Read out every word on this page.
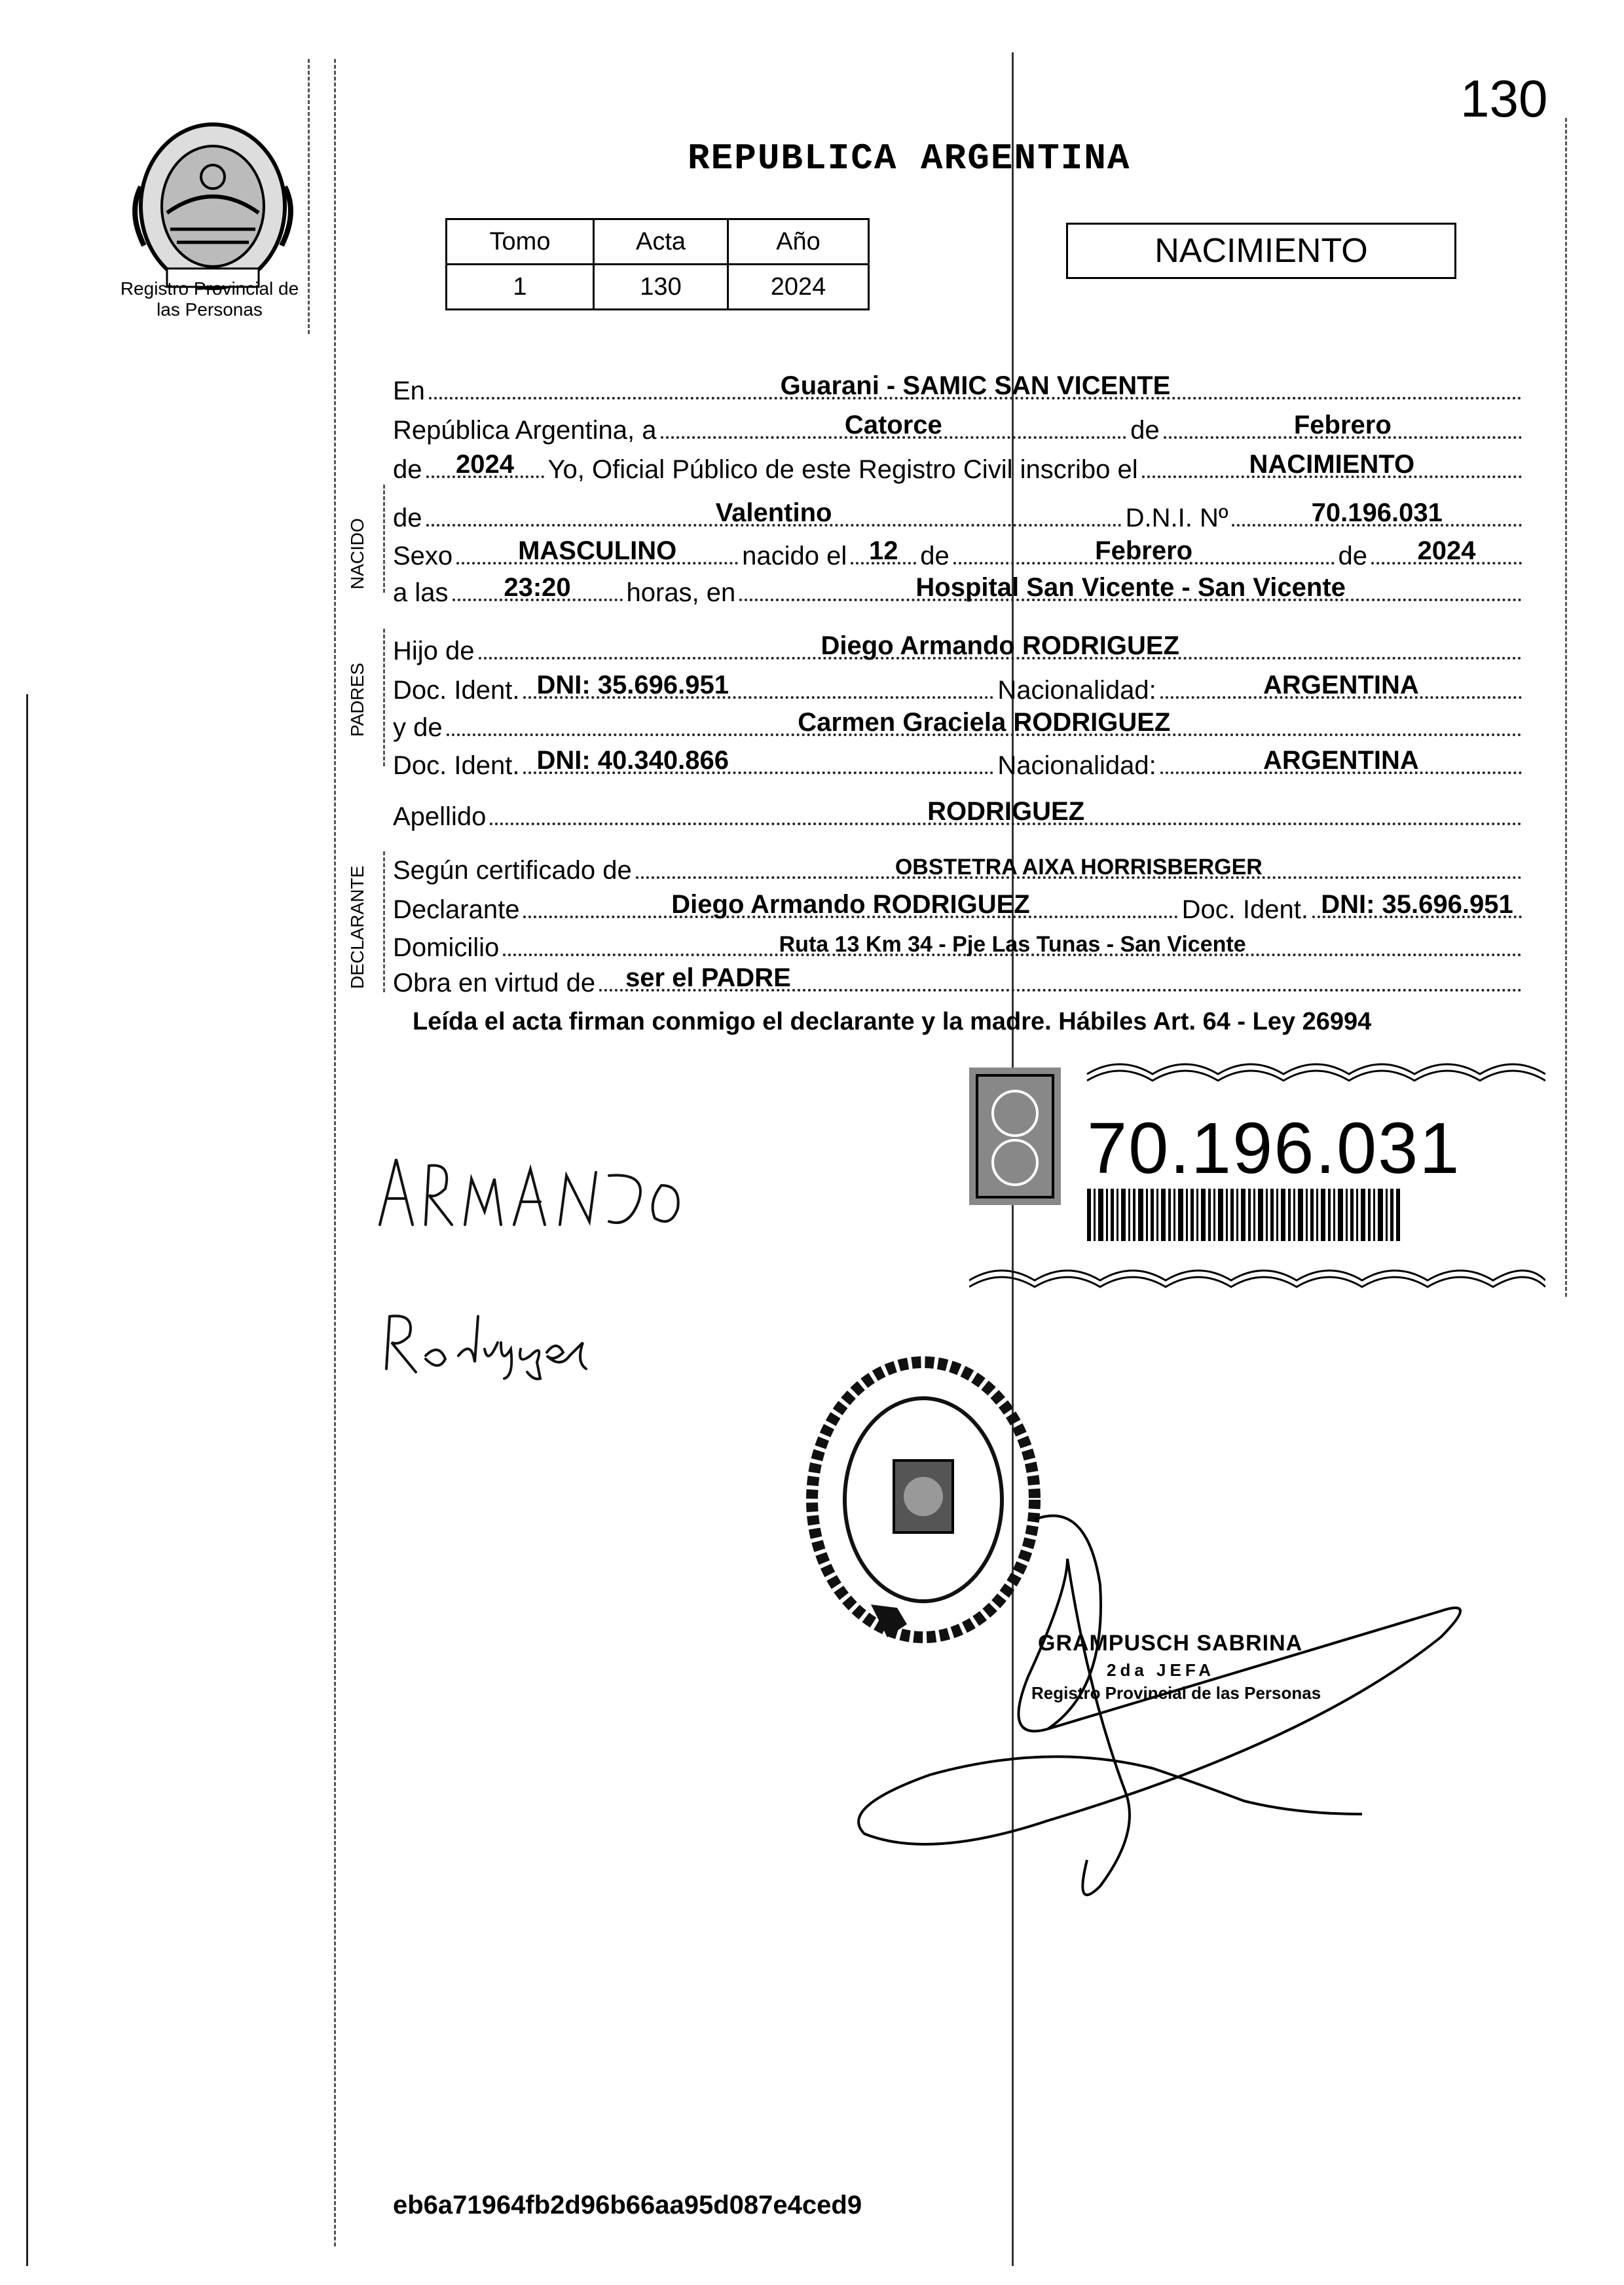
130
Registro Provincial de las Personas
REPUBLICA ARGENTINA
Tomo	Acta	Año
1	130	2024
NACIMIENTO
NACIDO
PADRES
DECLARANTE
En	Guarani - SAMIC SAN VICENTE
República Argentina, a	Catorce	de	Febrero
de	2024	Yo, Oficial Público de este Registro Civil inscribo el	NACIMIENTO
de	Valentino	D.N.I. Nº	70.196.031
Sexo	MASCULINO	nacido el 12 de	Febrero	de	2024
a las	23:20	horas, en	Hospital San Vicente - San Vicente
Hijo de	Diego Armando RODRIGUEZ
Doc. Ident. DNI: 35.696.951	Nacionalidad:	ARGENTINA
y de	Carmen Graciela RODRIGUEZ
Doc. Ident. DNI: 40.340.866	Nacionalidad:	ARGENTINA
Apellido	RODRIGUEZ
Según certificado de	OBSTETRA AIXA HORRISBERGER
Declarante	Diego Armando RODRIGUEZ	Doc. Ident. DNI: 35.696.951
Domicilio	Ruta 13 Km 34 - Pje Las Tunas - San Vicente
Obra en virtud de	ser el PADRE
Leída el acta firman conmigo el declarante y la madre. Hábiles Art. 64 - Ley 26994
70.196.031
GRAMPUSCH SABRINA
2da JEFA
Registro Provincial de las Personas
eb6a71964fb2d96b66aa95d087e4ced9
